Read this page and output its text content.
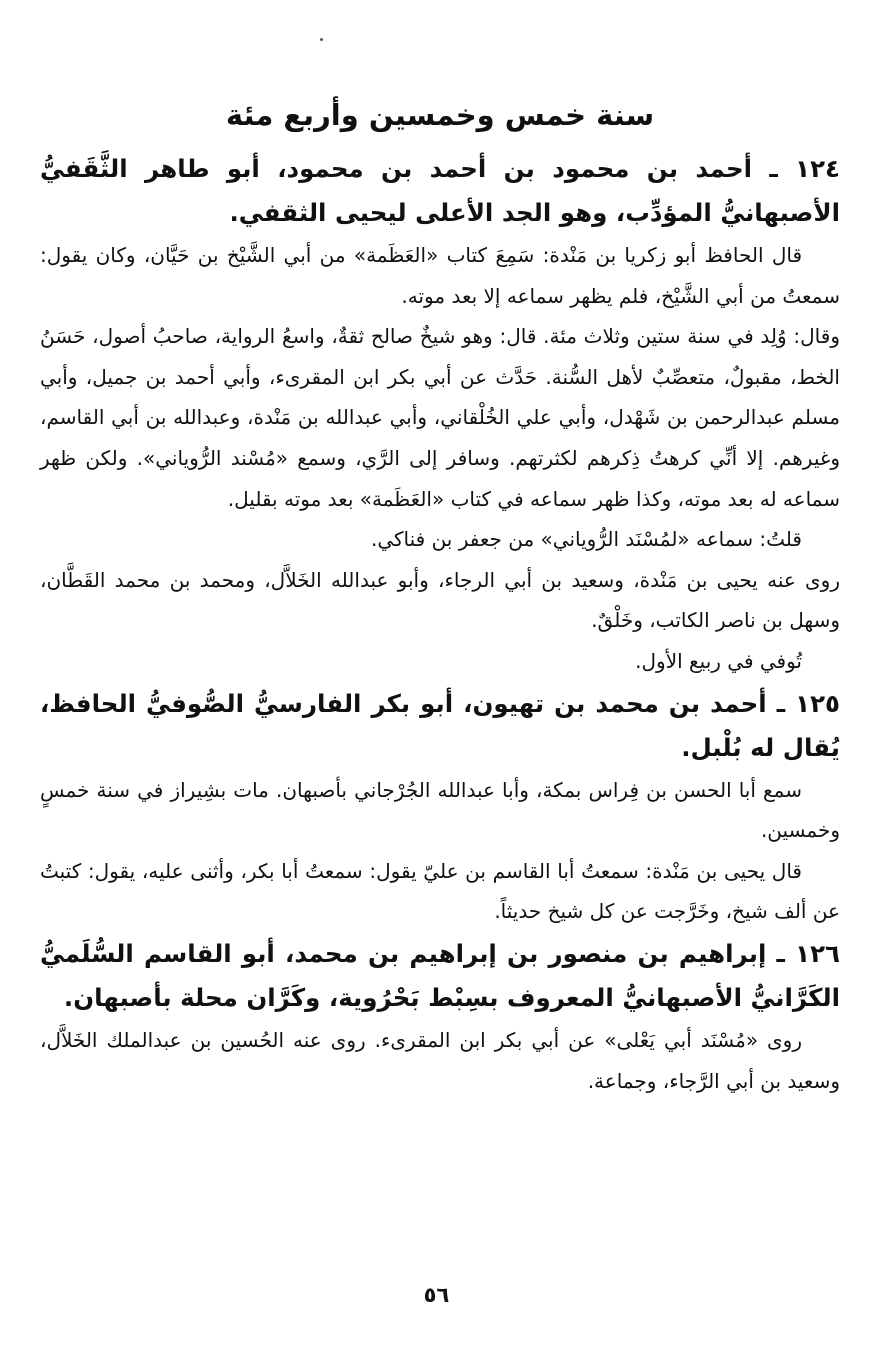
سنة خمس وخمسين وأربع مئة

١٢٤ ـ أحمد بن محمود بن أحمد بن محمود، أبو طاهر الثَّقَفيُّ الأصبهانيُّ المؤدِّب، وهو الجد الأعلى ليحيى الثقفي.

قال الحافظ أبو زكريا بن مَنْدة: سَمِعَ كتاب «العَظَمة» من أبي الشَّيْخ بن حَيَّان، وكان يقول: سمعتُ من أبي الشَّيْخ، فلم يظهر سماعه إلا بعد موته.

وقال: وُلِد في سنة ستين وثلاث مئة. قال: وهو شيخٌ صالح ثقةٌ، واسعُ الرواية، صاحبُ أصول، حَسَنُ الخط، مقبولٌ، متعصِّبٌ لأهل السُّنة. حَدَّث عن أبي بكر ابن المقرىء، وأبي أحمد بن جميل، وأبي مسلم عبدالرحمن بن شَهْدل، وأبي علي الخُلْقاني، وأبي عبدالله بن مَنْدة، وعبدالله بن أبي القاسم، وغيرهم. إلا أنِّي كرهتُ ذِكرهم لكثرتهم. وسافر إلى الرَّي، وسمع «مُسْند الرُّوياني». ولكن ظهر سماعه له بعد موته، وكذا ظهر سماعه في كتاب «العَظَمة» بعد موته بقليل.

قلتُ: سماعه «لمُسْنَد الرُّوياني» من جعفر بن فناكي.

روى عنه يحيى بن مَنْدة، وسعيد بن أبي الرجاء، وأبو عبدالله الخَلاَّل، ومحمد بن محمد القَطَّان، وسهل بن ناصر الكاتب، وخَلْقٌ.

تُوفي في ربيع الأول.

١٢٥ ـ أحمد بن محمد بن تهيون، أبو بكر الفارسيُّ الصُّوفيُّ الحافظ، يُقال له بُلْبل.

سمع أبا الحسن بن فِراس بمكة، وأبا عبدالله الجُرْجاني بأصبهان. مات بشِيراز في سنة خمسٍ وخمسين.

قال يحيى بن مَنْدة: سمعتُ أبا القاسم بن عليّ يقول: سمعتُ أبا بكر، وأثنى عليه، يقول: كتبتُ عن ألف شيخ، وخَرَّجت عن كل شيخ حديثاً.

١٢٦ ـ إبراهيم بن منصور بن إبراهيم بن محمد، أبو القاسم السُّلَميُّ الكَرَّانيُّ الأصبهانيُّ المعروف بسِبْط بَحْرُوية، وكَرَّان محلة بأصبهان.

روى «مُسْنَد أبي يَعْلى» عن أبي بكر ابن المقرىء. روى عنه الحُسين بن عبدالملك الخَلاَّل، وسعيد بن أبي الرَّجاء، وجماعة.

٥٦
